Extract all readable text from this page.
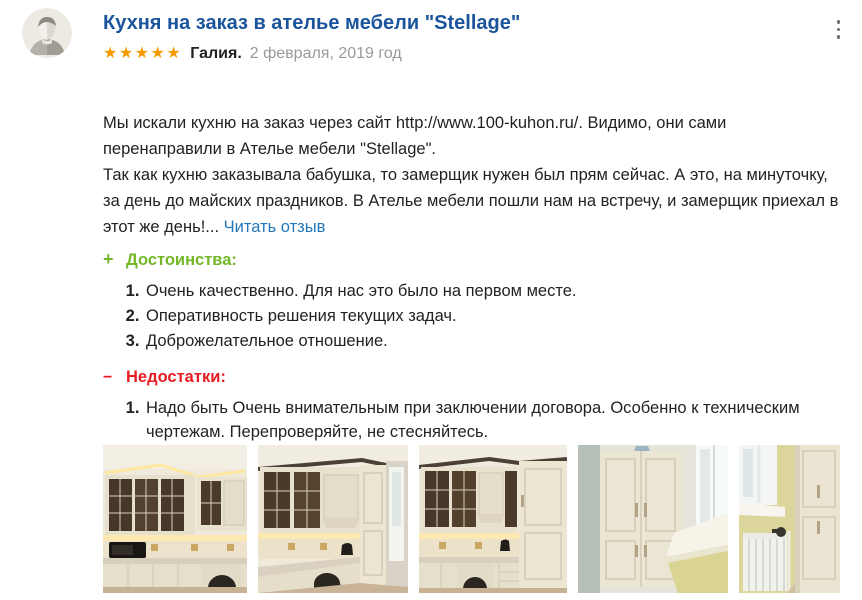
Кухня на заказ в ателье мебели "Stellage"
★★★★★ Галия. 2 февраля, 2019 год

Мы искали кухню на заказ через сайт http://www.100-kuhon.ru/. Видимо, они сами перенаправили в Ателье мебели "Stellage".

Так как кухню заказывала бабушка, то замерщик нужен был прям сейчас. А это, на минуточку, за день до майских праздников. В Ателье мебели пошли нам на встречу, и замерщик приехал в этот же день!... Читать отзыв

+ Достоинства:
1. Очень качественно. Для нас это было на первом месте.
2. Оперативность решения текущих задач.
3. Доброжелательное отношение.
− Недостатки:
1. Надо быть Очень внимательным при заключении договора. Особенно к техническим чертежам. Перепроверяйте, не стесняйтесь.
